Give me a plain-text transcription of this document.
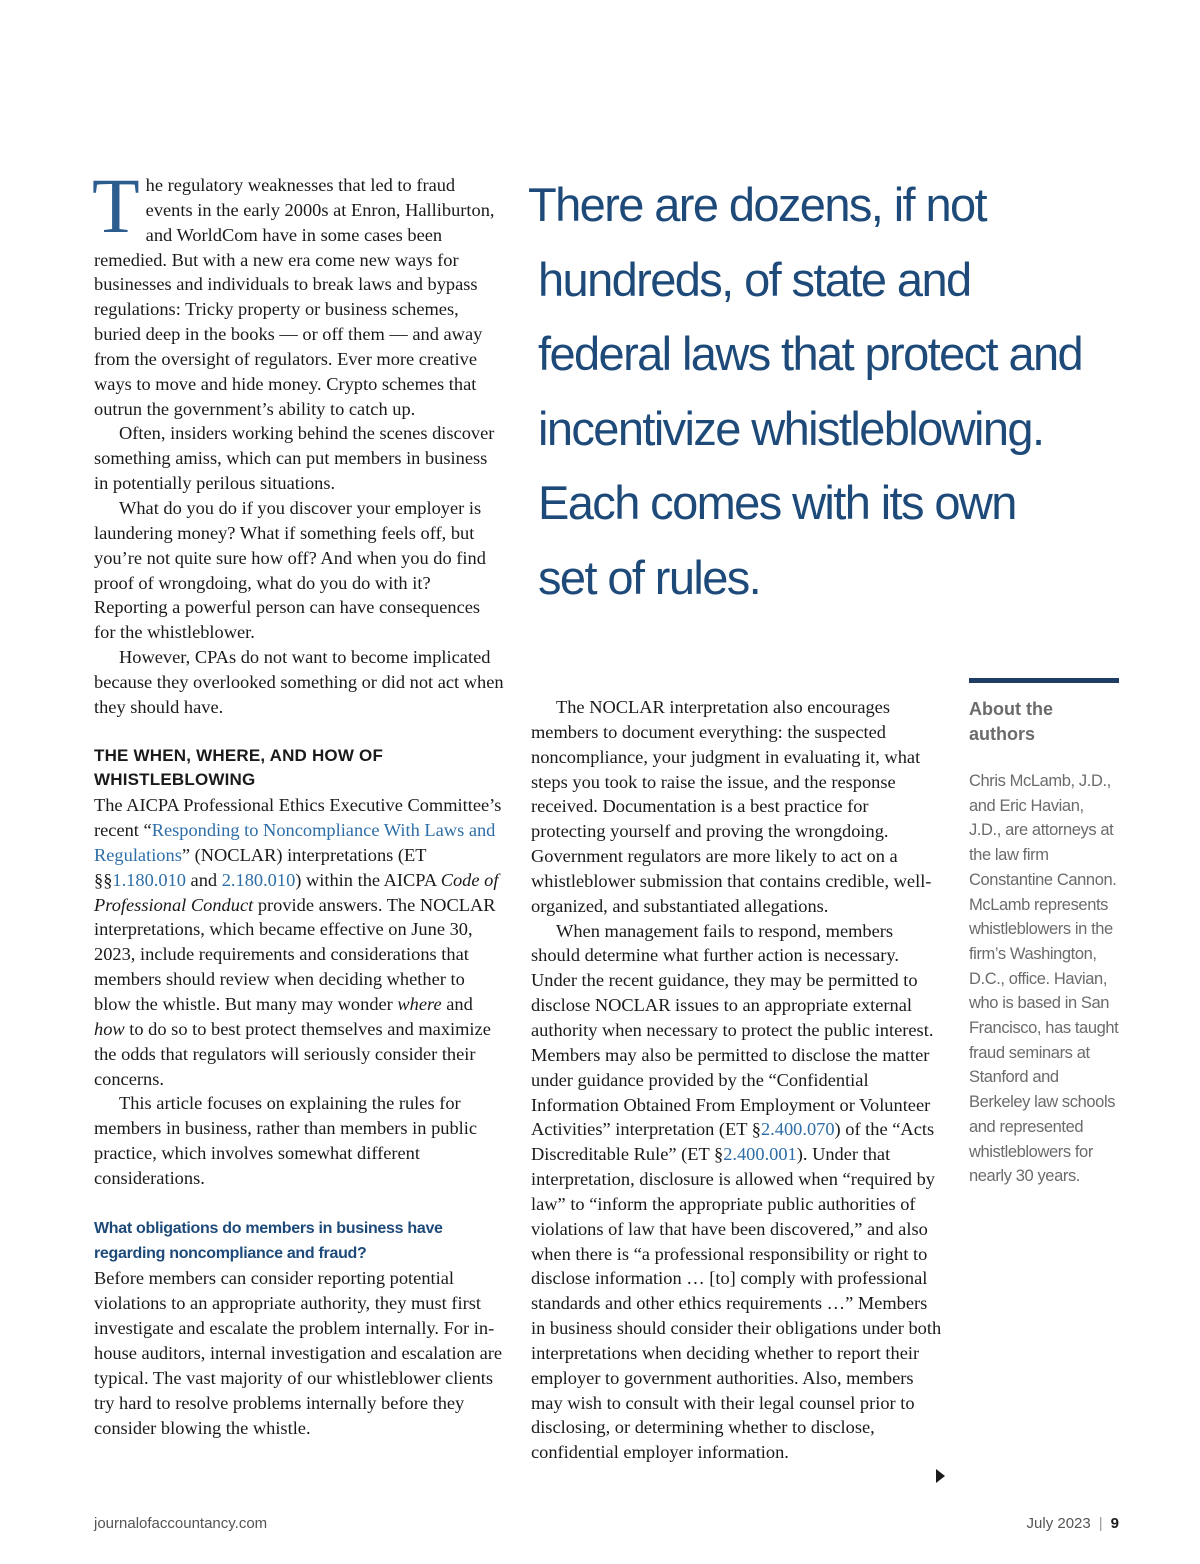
The regulatory weaknesses that led to fraud events in the early 2000s at Enron, Halliburton, and WorldCom have in some cases been remedied. But with a new era come new ways for businesses and individuals to break laws and bypass regulations: Tricky property or business schemes, buried deep in the books — or off them — and away from the oversight of regulators. Ever more creative ways to move and hide money. Crypto schemes that outrun the government’s ability to catch up.

Often, insiders working behind the scenes discover something amiss, which can put members in business in potentially perilous situations.

What do you do if you discover your employer is laundering money? What if something feels off, but you’re not quite sure how off? And when you do find proof of wrongdoing, what do you do with it? Reporting a powerful person can have consequences for the whistleblower.

However, CPAs do not want to become implicated because they overlooked something or did not act when they should have.

THE WHEN, WHERE, AND HOW OF WHISTLEBLOWING

The AICPA Professional Ethics Executive Committee’s recent “Responding to Noncompliance With Laws and Regulations” (NOCLAR) interpretations (ET §§1.180.010 and 2.180.010) within the AICPA Code of Professional Conduct provide answers. The NOCLAR interpretations, which became effective on June 30, 2023, include requirements and considerations that members should review when deciding whether to blow the whistle. But many may wonder where and how to do so to best protect themselves and maximize the odds that regulators will seriously consider their concerns.

This article focuses on explaining the rules for members in business, rather than members in public practice, which involves somewhat different considerations.

What obligations do members in business have regarding noncompliance and fraud?

Before members can consider reporting potential violations to an appropriate authority, they must first investigate and escalate the problem internally. For in-house auditors, internal investigation and escalation are typical. The vast majority of our whistleblower clients try hard to resolve problems internally before they consider blowing the whistle.

There are dozens, if not
hundreds, of state and
federal laws that protect and
incentivize whistleblowing.
Each comes with its own
set of rules.

The NOCLAR interpretation also encourages members to document everything: the suspected noncompliance, your judgment in evaluating it, what steps you took to raise the issue, and the response received. Documentation is a best practice for protecting yourself and proving the wrongdoing. Government regulators are more likely to act on a whistleblower submission that contains credible, well-organized, and substantiated allegations.

When management fails to respond, members should determine what further action is necessary. Under the recent guidance, they may be permitted to disclose NOCLAR issues to an appropriate external authority when necessary to protect the public interest. Members may also be permitted to disclose the matter under guidance provided by the “Confidential Information Obtained From Employment or Volunteer Activities” interpretation (ET §2.400.070) of the “Acts Discreditable Rule” (ET §2.400.001). Under that interpretation, disclosure is allowed when “required by law” to “inform the appropriate public authorities of violations of law that have been discovered,” and also when there is “a professional responsibility or right to disclose information … [to] comply with professional standards and other ethics requirements …” Members in business should consider their obligations under both interpretations when deciding whether to report their employer to government authorities. Also, members may wish to consult with their legal counsel prior to disclosing, or determining whether to disclose, confidential employer information.

About the authors
Chris McLamb, J.D., and Eric Havian, J.D., are attorneys at the law firm Constantine Cannon. McLamb represents whistleblowers in the firm’s Washington, D.C., office. Havian, who is based in San Francisco, has taught fraud seminars at Stanford and Berkeley law schools and represented whistleblowers for nearly 30 years.
journalofaccountancy.com	July 2023 | 9
